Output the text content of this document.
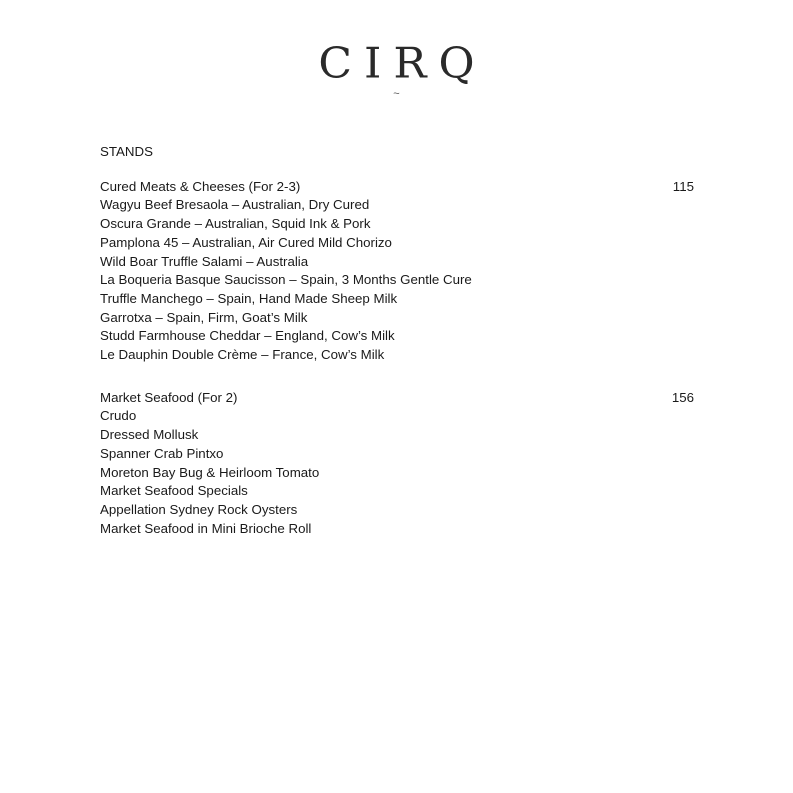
CIRQ
~
STANDS
Cured Meats & Cheeses (For 2-3)	115
Wagyu Beef Bresaola – Australian, Dry Cured
Oscura Grande – Australian, Squid Ink & Pork
Pamplona 45 – Australian, Air Cured Mild Chorizo
Wild Boar Truffle Salami – Australia
La Boqueria Basque Saucisson – Spain, 3 Months Gentle Cure
Truffle Manchego – Spain, Hand Made Sheep Milk
Garrotxa – Spain, Firm, Goat’s Milk
Studd Farmhouse Cheddar – England, Cow’s Milk
Le Dauphin Double Crème – France, Cow’s Milk
Market Seafood (For 2)	156
Crudo
Dressed Mollusk
Spanner Crab Pintxo
Moreton Bay Bug & Heirloom Tomato
Market Seafood Specials
Appellation Sydney Rock Oysters
Market Seafood in Mini Brioche Roll
